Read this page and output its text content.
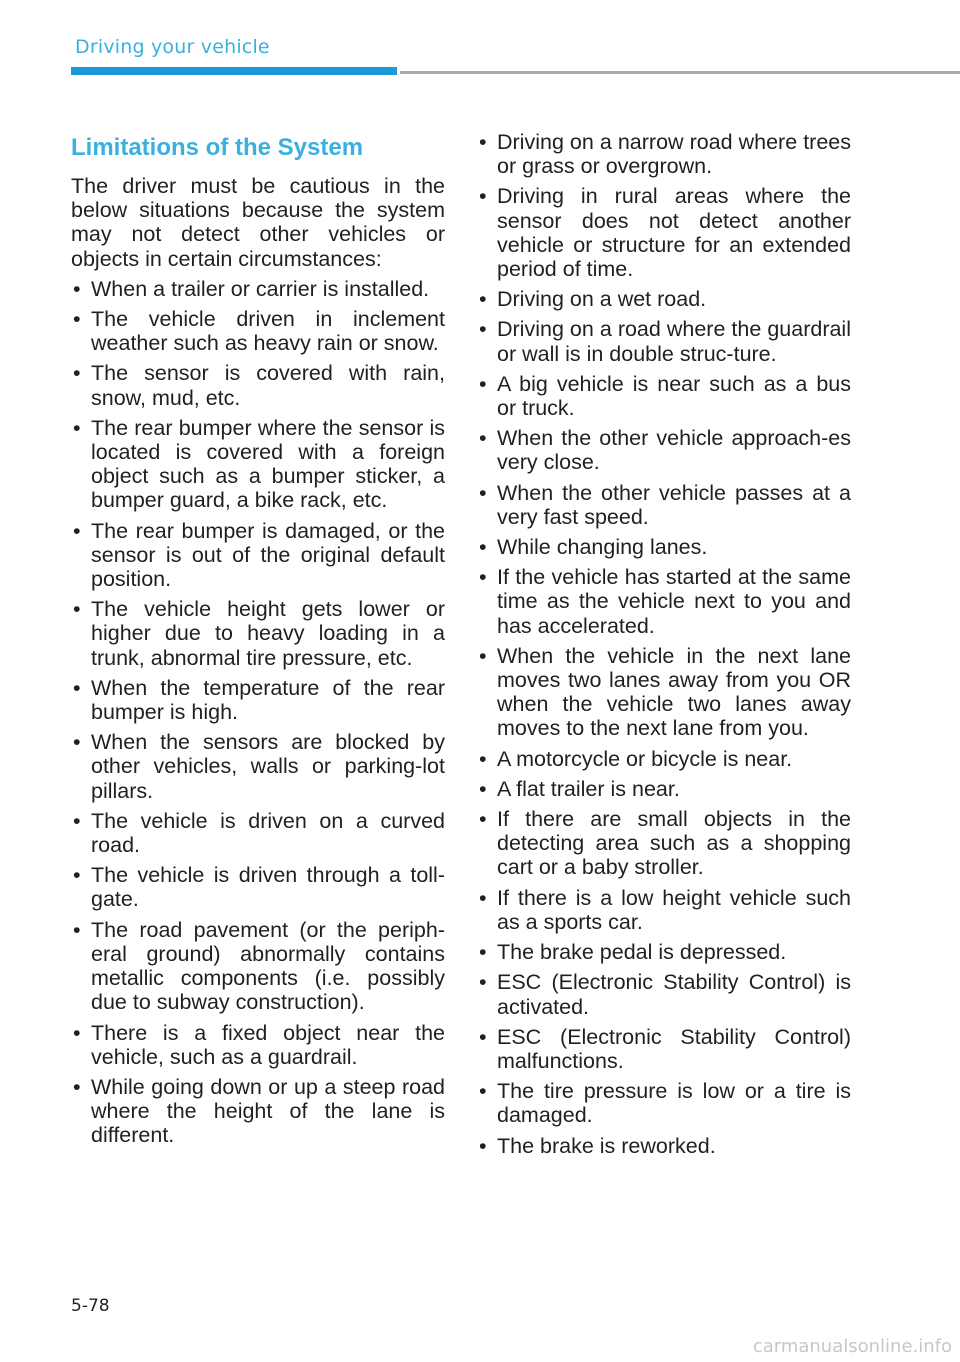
Driving your vehicle
Limitations of the System

The driver must be cautious in the below situations because the system may not detect other vehicles or objects in certain circumstances:

• When a trailer or carrier is installed.
• The vehicle driven in inclement weather such as heavy rain or snow.
• The sensor is covered with rain, snow, mud, etc.
• The rear bumper where the sensor is located is covered with a foreign object such as a bumper sticker, a bumper guard, a bike rack, etc.
• The rear bumper is damaged, or the sensor is out of the original default position.
• The vehicle height gets lower or higher due to heavy loading in a trunk, abnormal tire pressure, etc.
• When the temperature of the rear bumper is high.
• When the sensors are blocked by other vehicles, walls or parking-lot pillars.
• The vehicle is driven on a curved road.
• The vehicle is driven through a toll-gate.
• The road pavement (or the periph-eral ground) abnormally contains metallic components (i.e. possibly due to subway construction).
• There is a fixed object near the vehicle, such as a guardrail.
• While going down or up a steep road where the height of the lane is different.
• Driving on a narrow road where trees or grass or overgrown.
• Driving in rural areas where the sensor does not detect another vehicle or structure for an extended period of time.
• Driving on a wet road.
• Driving on a road where the guardrail or wall is in double struc-ture.
• A big vehicle is near such as a bus or truck.
• When the other vehicle approach-es very close.
• When the other vehicle passes at a very fast speed.
• While changing lanes.
• If the vehicle has started at the same time as the vehicle next to you and has accelerated.
• When the vehicle in the next lane moves two lanes away from you OR when the vehicle two lanes away moves to the next lane from you.
• A motorcycle or bicycle is near.
• A flat trailer is near.
• If there are small objects in the detecting area such as a shopping cart or a baby stroller.
• If there is a low height vehicle such as a sports car.
• The brake pedal is depressed.
• ESC (Electronic Stability Control) is activated.
• ESC (Electronic Stability Control) malfunctions.
• The tire pressure is low or a tire is damaged.
• The brake is reworked.
5-78
carmanualsonline.info
